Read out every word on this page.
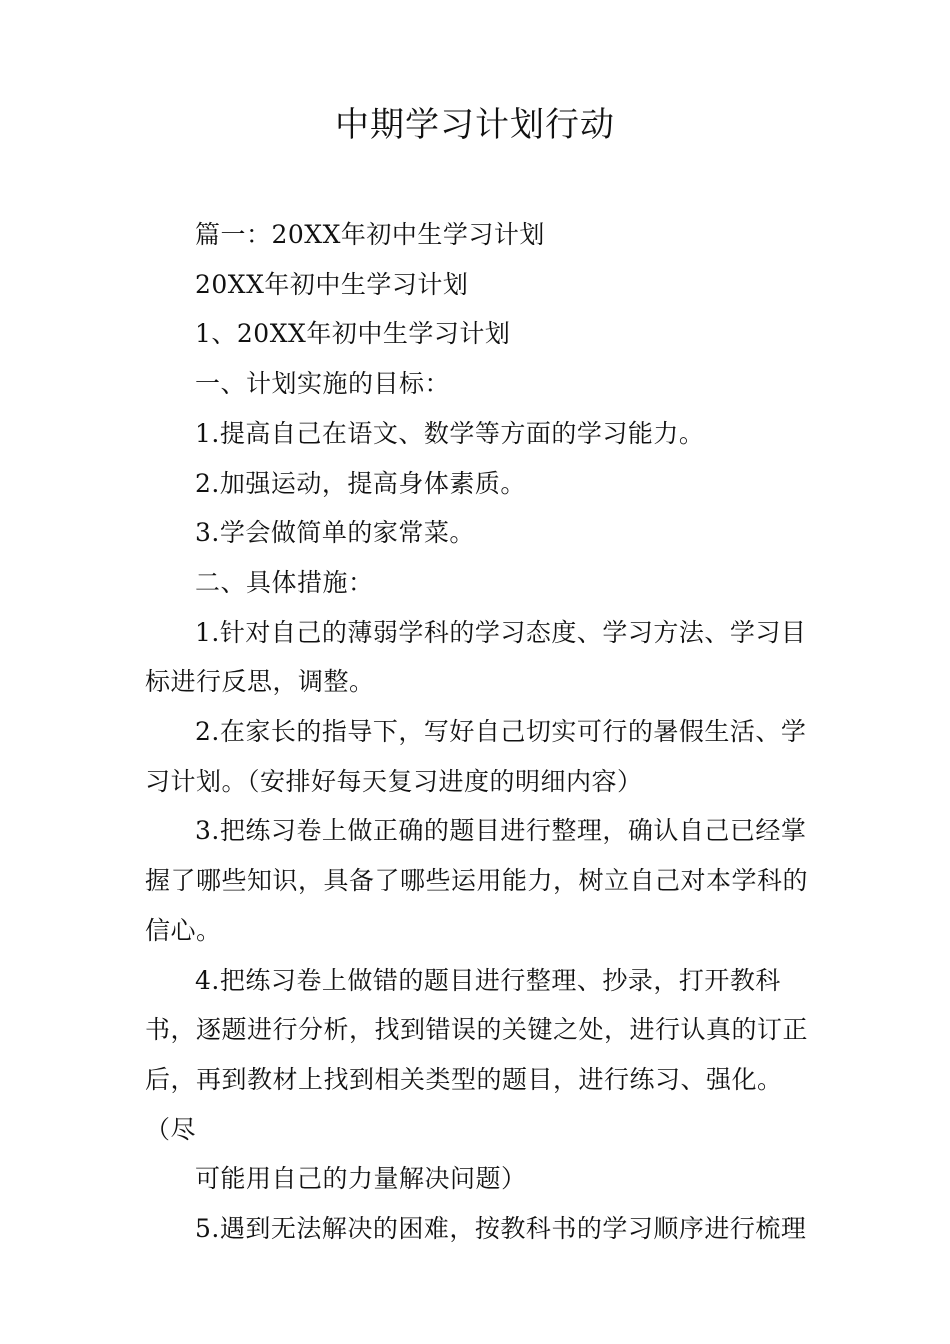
中期学习计划行动

篇一：20XX年初中生学习计划

20XX年初中生学习计划

1、20XX年初中生学习计划

一、计划实施的目标：

1.提高自己在语文、数学等方面的学习能力。

2.加强运动，提高身体素质。

3.学会做简单的家常菜。

二、具体措施：

1.针对自己的薄弱学科的学习态度、学习方法、学习目标进行反思，调整。

2.在家长的指导下，写好自己切实可行的暑假生活、学习计划。（安排好每天复习进度的明细内容）

3.把练习卷上做正确的题目进行整理，确认自己已经掌握了哪些知识，具备了哪些运用能力，树立自己对本学科的信心。

4.把练习卷上做错的题目进行整理、抄录，打开教科书，逐题进行分析，找到错误的关键之处，进行认真的订正后，再到教材上找到相关类型的题目，进行练习、强化。（尽

可能用自己的力量解决问题）

5.遇到无法解决的困难，按教科书的学习顺序进行梳理
